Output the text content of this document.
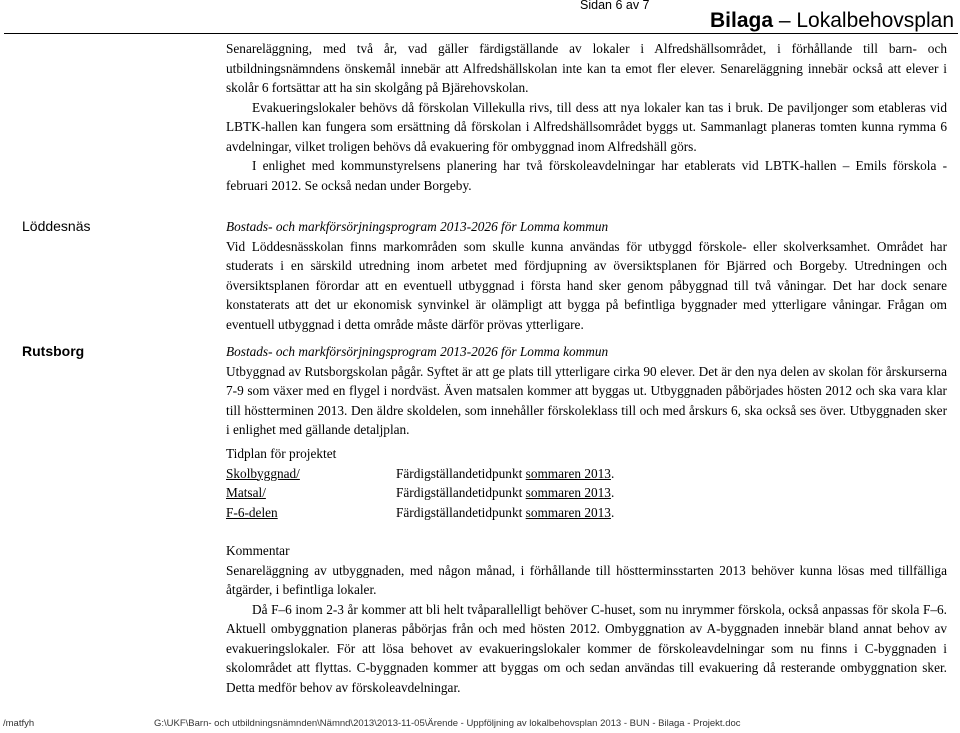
Sidan 6 av 7
Bilaga – Lokalbehovsplan

Senareläggning, med två år, vad gäller färdigställande av lokaler i Alfredshällsområdet, i förhållande till barn- och utbildningsnämndens önskemål innebär att Alfredshällskolan inte kan ta emot fler elever. Senareläggning innebär också att elever i skolår 6 fortsättar att ha sin skolgång på Bjärehovskolan.

Evakueringslokaler behövs då förskolan Villekulla rivs, till dess att nya lokaler kan tas i bruk. De paviljonger som etableras vid LBTK-hallen kan fungera som ersättning då förskolan i Alfredshällsområdet byggs ut. Sammanlagt planeras tomten kunna rymma 6 avdelningar, vilket troligen behövs då evakuering för ombyggnad inom Alfredshäll görs.

I enlighet med kommunstyrelsens planering har två förskoleavdelningar har etablerats vid LBTK-hallen – Emils förskola - februari 2012. Se också nedan under Borgeby.

Löddesnäs	Bostads- och markförsörjningsprogram 2013-2026 för Lomma kommun

Vid Löddesnässkolan finns markområden som skulle kunna användas för utbyggd förskole- eller skolverksamhet. Området har studerats i en särskild utredning inom arbetet med fördjupning av översiktsplanen för Bjärred och Borgeby. Utredningen och översiktsplanen förordar att en eventuell utbyggnad i första hand sker genom påbyggnad till två våningar. Det har dock senare konstaterats att det ur ekonomisk synvinkel är olämpligt att bygga på befintliga byggnader med ytterligare våningar. Frågan om eventuell utbyggnad i detta område måste därför prövas ytterligare.

Rutsborg	Bostads- och markförsörjningsprogram 2013-2026 för Lomma kommun

Utbyggnad av Rutsborgskolan pågår. Syftet är att ge plats till ytterligare cirka 90 elever. Det är den nya delen av skolan för årskurserna 7-9 som växer med en flygel i nordväst. Även matsalen kommer att byggas ut. Utbyggnaden påbörjades hösten 2012 och ska vara klar till höstterminen 2013. Den äldre skoldelen, som innehåller förskoleklass till och med årskurs 6, ska också ses över. Utbyggnaden sker i enlighet med gällande detaljplan.

Tidplan för projektet

Skolbyggnad/	Färdigställandetidpunkt sommaren 2013.
Matsal/	Färdigställandetidpunkt sommaren 2013.
F-6-delen	Färdigställandetidpunkt sommaren 2013.

Kommentar

Senareläggning av utbyggnaden, med någon månad, i förhållande till höstterminsstarten 2013 behöver kunna lösas med tillfälliga åtgärder, i befintliga lokaler.

Då F–6 inom 2-3 år kommer att bli helt tvåparallelligt behöver C-huset, som nu inrymmer förskola, också anpassas för skola F–6. Aktuell ombyggnation planeras påbörjas från och med hösten 2012. Ombyggnation av A-byggnaden innebär bland annat behov av evakueringslokaler. För att lösa behovet av evakueringslokaler kommer de förskoleavdelningar som nu finns i C-byggnaden i skolområdet att flyttas. C-byggnaden kommer att byggas om och sedan användas till evakuering då resterande ombyggnation sker. Detta medför behov av förskoleavdelningar.

/matfyh	G:\UKF\Barn- och utbildningsnämnden\Nämnd\2013\2013-11-05\Ärende - Uppföljning av lokalbehovsplan 2013 - BUN - Bilaga - Projekt.doc
